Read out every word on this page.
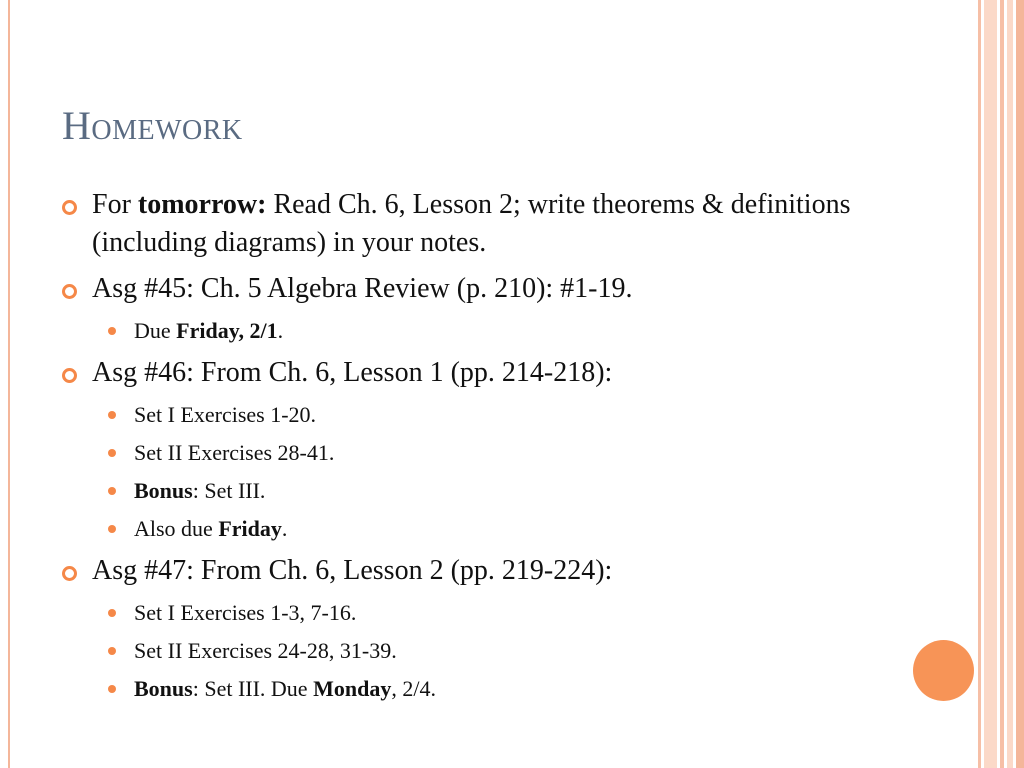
Homework
For tomorrow: Read Ch. 6, Lesson 2; write theorems & definitions (including diagrams) in your notes.
Asg #45: Ch. 5 Algebra Review (p. 210): #1-19.
Due Friday, 2/1.
Asg #46: From Ch. 6, Lesson 1 (pp. 214-218):
Set I Exercises 1-20.
Set II Exercises 28-41.
Bonus: Set III.
Also due Friday.
Asg #47: From Ch. 6, Lesson 2 (pp. 219-224):
Set I Exercises 1-3, 7-16.
Set II Exercises 24-28, 31-39.
Bonus: Set III. Due Monday, 2/4.
